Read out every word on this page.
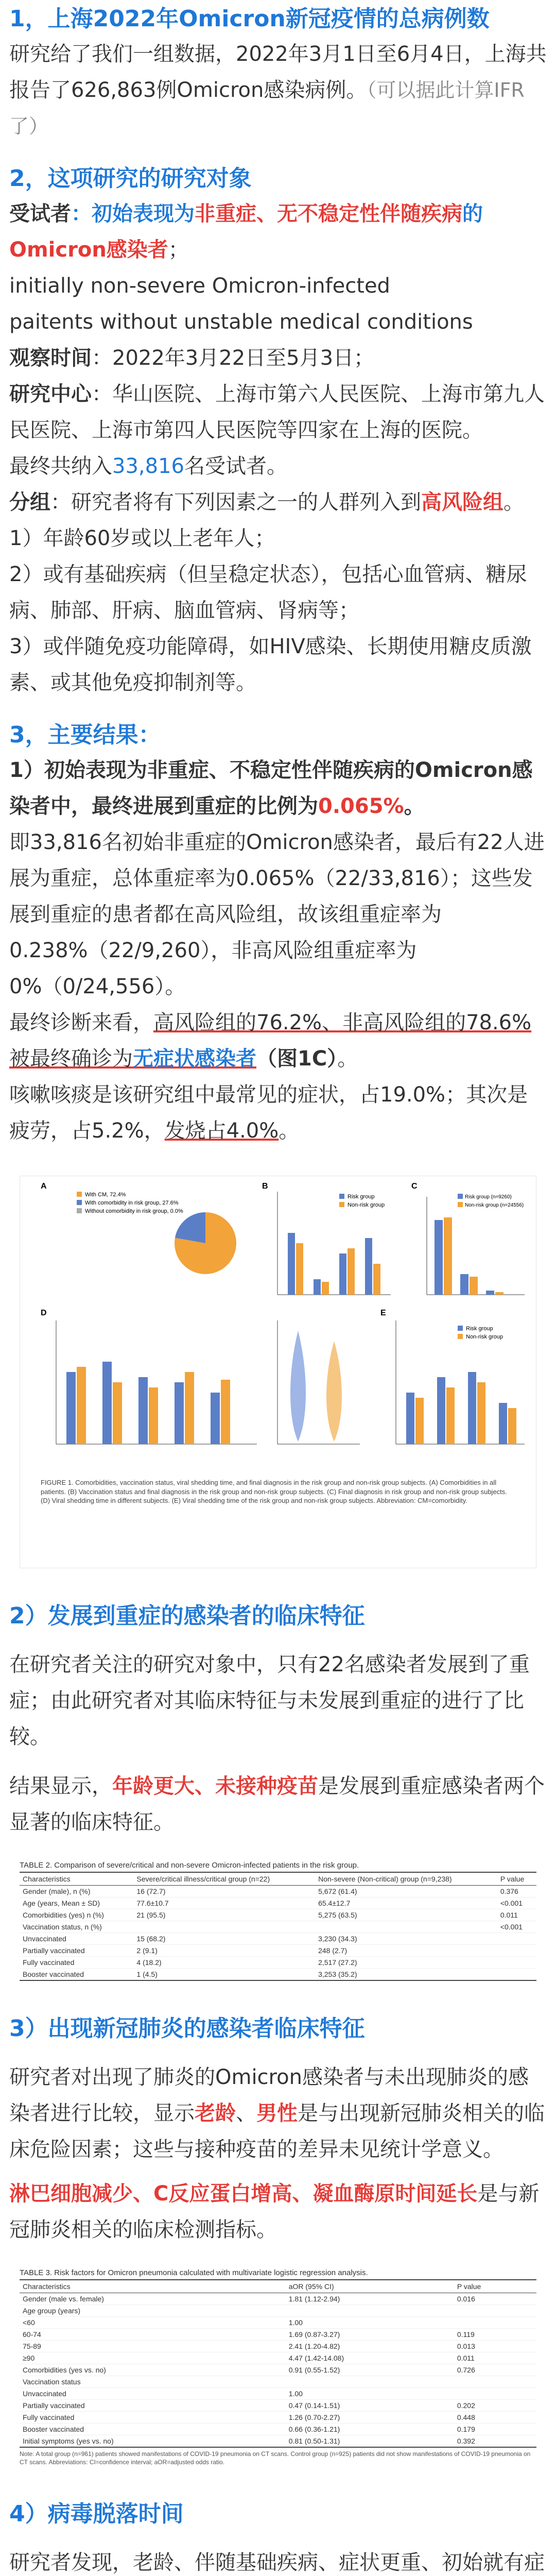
1，上海2022年Omicron新冠疫情的总病例数

研究给了我们一组数据，2022年3月1日至6月4日，上海共报告了626,863例Omicron感染病例。（可以据此计算IFR了）

2，这项研究的研究对象

受试者：初始表现为非重症、无不稳定性伴随疾病的Omicron感染者；

initially non-severe Omicron-infected

paitents without unstable medical conditions

观察时间：2022年3月22日至5月3日；

研究中心：华山医院、上海市第六人民医院、上海市第九人民医院、上海市第四人民医院等四家在上海的医院。

最终共纳入33,816名受试者。

分组：研究者将有下列因素之一的人群列入到高风险组。

1）年龄60岁或以上老年人；

2）或有基础疾病（但呈稳定状态），包括心血管病、糖尿病、肺部、肝病、脑血管病、肾病等；

3）或伴随免疫功能障碍，如HIV感染、长期使用糖皮质激素、或其他免疫抑制剂等。

3，主要结果：

1）初始表现为非重症、不稳定性伴随疾病的Omicron感染者中，最终进展到重症的比例为0.065%。

即33,816名初始非重症的Omicron感染者，最后有22人进展为重症，总体重症率为0.065%（22/33,816）；这些发展到重症的患者都在高风险组，故该组重症率为0.238%（22/9,260），非高风险组重症率为0%（0/24,556）。

最终诊断来看，高风险组的76.2%、非高风险组的78.6%被最终确诊为无症状感染者（图1C）。

咳嗽咳痰是该研究组中最常见的症状，占19.0%；其次是疲劳，占5.2%，发烧占4.0%。

A
With CM, 72.4%
With comorbidity in risk group, 27.6%
Without comorbidity in risk group, 0.0%
B
Risk group
Non-risk group
C
Risk group (n=9260)
Non-risk group (n=24556)
D	E
Risk group
Non-risk group
FIGURE 1. Comorbidities, vaccination status, viral shedding time, and final diagnosis in the risk group and non-risk group subjects. (A) Comorbidities in all patients. (B) Vaccination status and final diagnosis in the risk group and non-risk group subjects. (C) Final diagnosis in risk group and non-risk group subjects. (D) Viral shedding time in different subjects. (E) Viral shedding time of the risk group and non-risk group subjects. Abbreviation: CM=comorbidity.

2）发展到重症的感染者的临床特征

在研究者关注的研究对象中，只有22名感染者发展到了重症；由此研究者对其临床特征与未发展到重症的进行了比较。

结果显示，年龄更大、未接种疫苗是发展到重症感染者两个显著的临床特征。

TABLE 2. Comparison of severe/critical and non-severe Omicron-infected patients in the risk group.
Characteristics	Severe/critical illness/critical group (n=22)	Non-severe (Non-critical) group (n=9,238)	P value
Gender (male), n (%)	16 (72.7)	5,672 (61.4)	0.376
Age (years, Mean ± SD)	77.6±10.7	65.4±12.7	<0.001
Comorbidities (yes) n (%)	21 (95.5)	5,275 (63.5)	0.011
Vaccination status, n (%)			<0.001
Unvaccinated	15 (68.2)	3,230 (34.3)	
Partially vaccinated	2 (9.1)	248 (2.7)	
Fully vaccinated	4 (18.2)	2,517 (27.2)	
Booster vaccinated	1 (4.5)	3,253 (35.2)	

3）出现新冠肺炎的感染者临床特征

研究者对出现了肺炎的Omicron感染者与未出现肺炎的感染者进行比较，显示老龄、男性是与出现新冠肺炎相关的临床危险因素；这些与接种疫苗的差异未见统计学意义。

淋巴细胞减少、C反应蛋白增高、凝血酶原时间延长是与新冠肺炎相关的临床检测指标。

TABLE 3. Risk factors for Omicron pneumonia calculated with multivariate logistic regression analysis.
Characteristics	aOR (95% CI)	P value
Gender (male vs. female)	1.81 (1.12-2.94)	0.016
Age group (years)		
<60	1.00	
60-74	1.69 (0.87-3.27)	0.119
75-89	2.41 (1.20-4.82)	0.013
≥90	4.47 (1.42-14.08)	0.011
Comorbidities (yes vs. no)	0.91 (0.55-1.52)	0.726
Vaccination status		
Unvaccinated	1.00	
Partially vaccinated	0.47 (0.14-1.51)	0.202
Fully vaccinated	1.26 (0.70-2.27)	0.448
Booster vaccinated	0.66 (0.36-1.21)	0.179
Initial symptoms (yes vs. no)	0.81 (0.50-1.31)	0.392
Note: A total group (n=961) patients showed manifestations of COVID-19 pneumonia on CT scans. Control group (n=925) patients did not show manifestations of COVID-19 pneumonia on CT scans. Abbreviations: CI=confidence interval; aOR=adjusted odds ratio.

4）病毒脱落时间

研究者发现，老龄、伴随基础疾病、症状更重、初始就有症
